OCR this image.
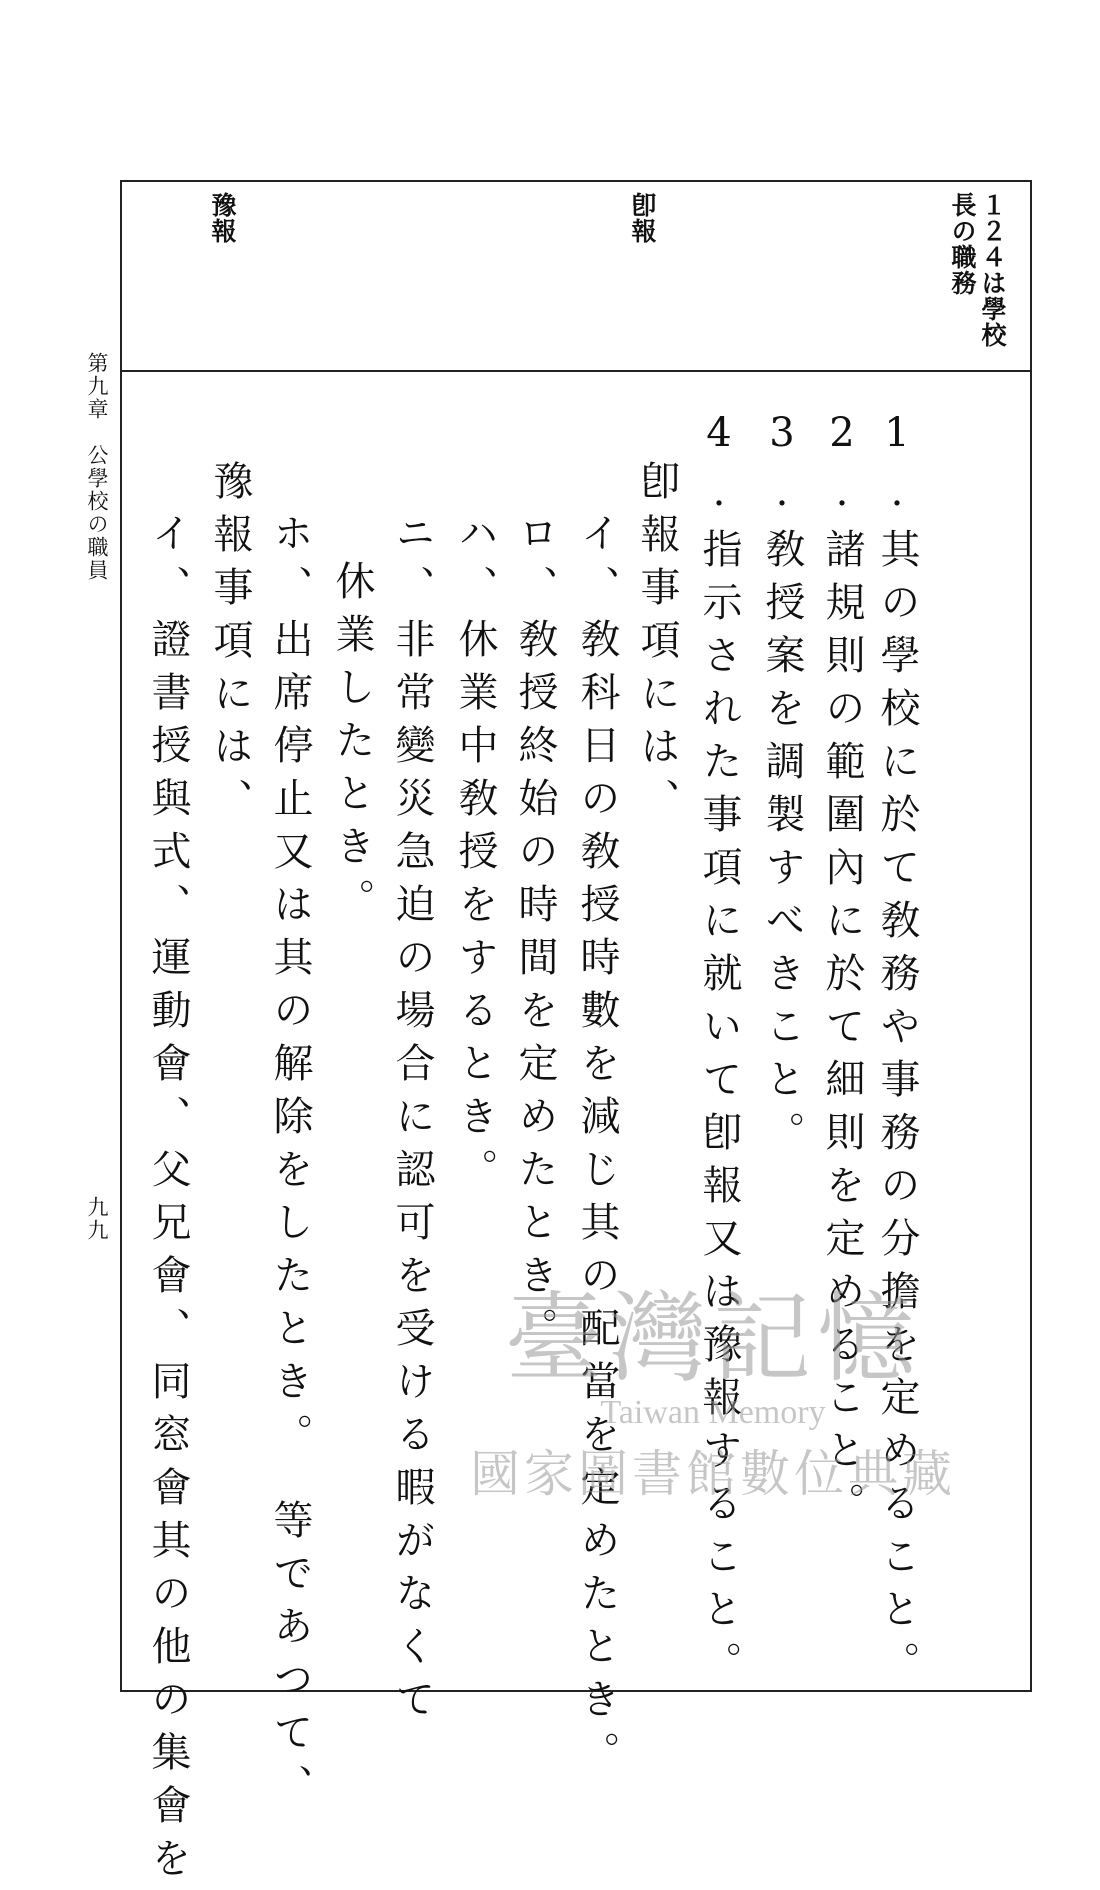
第九章　公學校の職員
九九
１２４は學校
長の職務
卽報
豫報
1.其の學校に於て敎務や事務の分擔を定めること。
2.諸規則の範圍內に於て細則を定めること。
3.敎授案を調製すべきこと。
4.指示された事項に就いて卽報又は豫報すること。
卽報事項には、
イ、敎科日の敎授時數を減じ其の配當を定めたとき。
ロ、敎授終始の時間を定めたとき。
ハ、休業中敎授をするとき。
ニ、非常變災急迫の場合に認可を受ける暇がなくて
休業したとき。
ホ、出席停止又は其の解除をしたとき。　等であつて、
豫報事項には、
イ、證書授與式、運動會、父兄會、同窓會其の他の集會を	臺灣記憶
Taiwan Memory
國家圖書館數位典藏
